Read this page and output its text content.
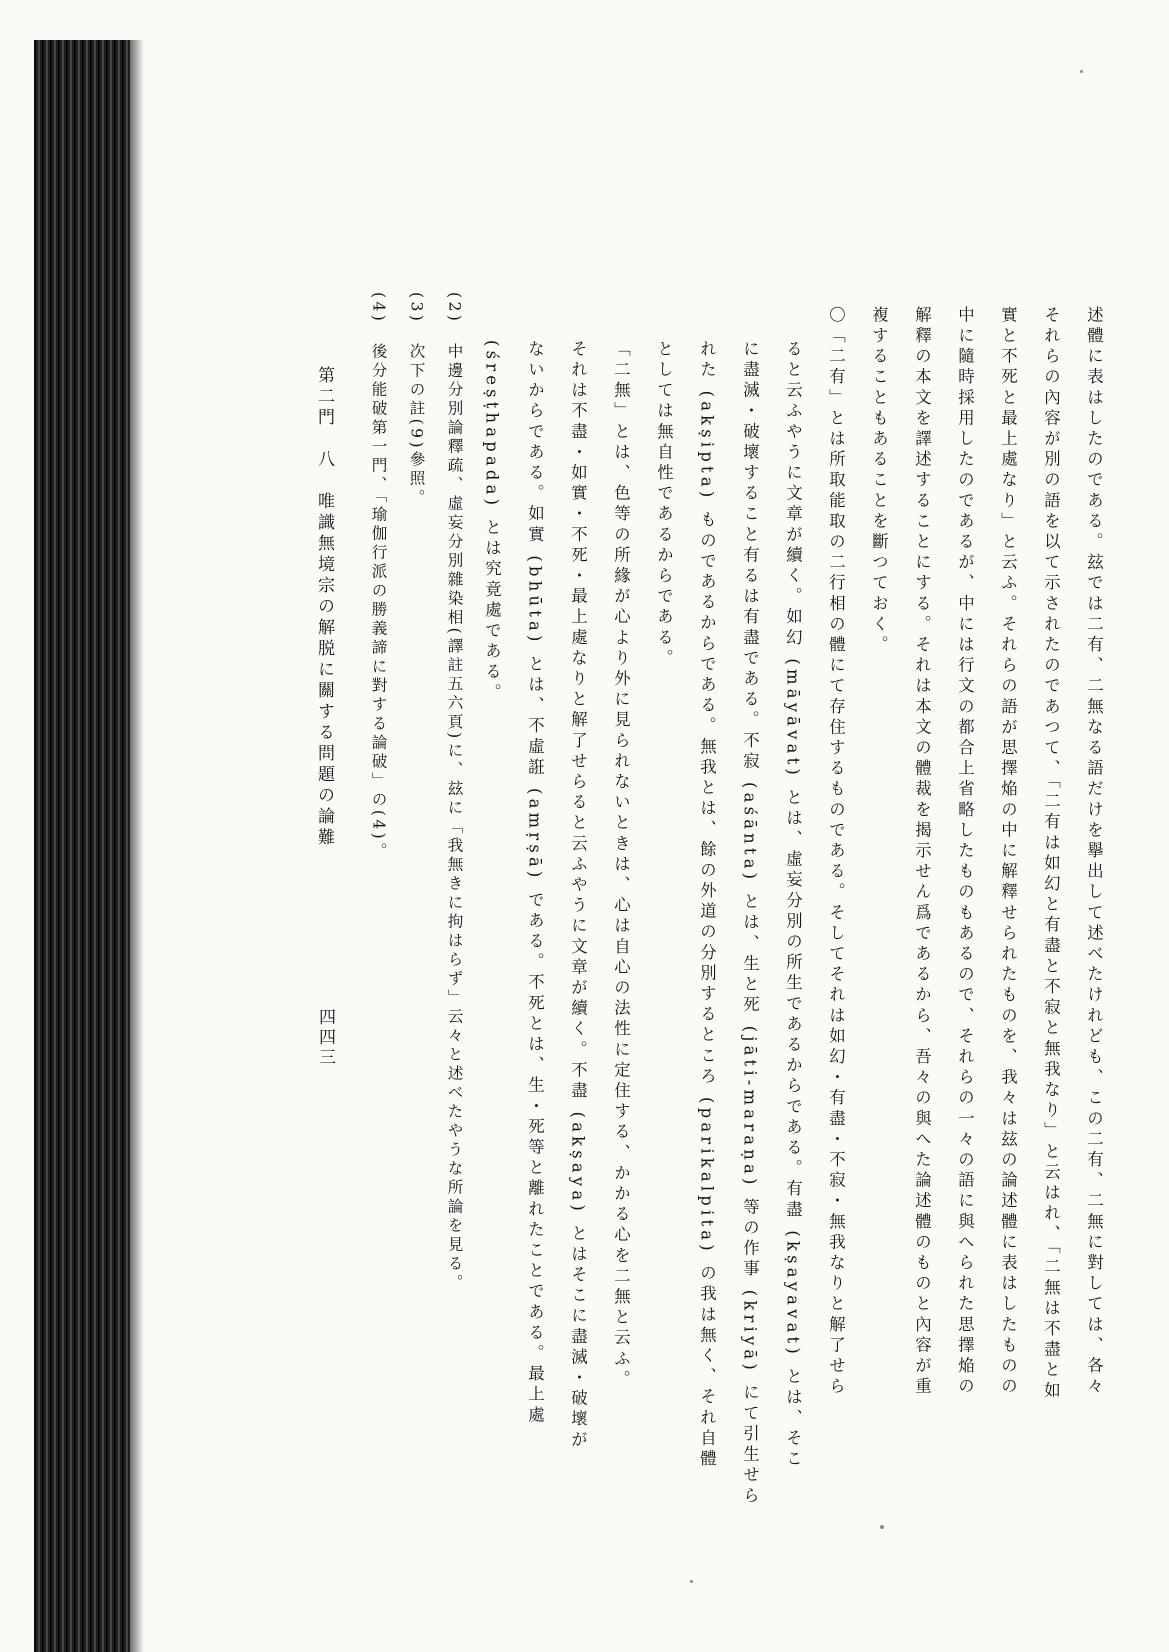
述體に表はしたのである。玆では二有、二無なる語だけを擧出して述べたけれども、この二有、二無に對しては、各々
それらの內容が別の語を以て示されたのであつて、「二有は如幻と有盡と不寂と無我なり」と云はれ、「二無は不盡と如
實と不死と最上處なり」と云ふ。それらの語が思擇焔の中に解釋せられたものを、我々は玆の論述體に表はしたものの
中に隨時採用したのであるが、中には行文の都合上省略したものもあるので、それらの一々の語に與へられた思擇焔の
解釋の本文を譯述することにする。それは本文の體裁を揭示せん爲であるから、吾々の與へた論述體のものと內容が重
複することもあることを斷つておく。
〇「二有」とは所取能取の二行相の體にて存住するものである。そしてそれは如幻・有盡・不寂・無我なりと解了せら
ると云ふやうに文章が續く。如幻 (māyāvat) とは、虛妄分別の所生であるからである。有盡 (kṣayavat) とは、そこ
に盡滅・破壞すること有るは有盡である。不寂 (aśānta) とは、生と死 (jāti-maraṇa) 等の作事 (kriyā) にて引生せら
れた (akṣipta) ものであるからである。無我とは、餘の外道の分別するところ (parikalpita) の我は無く、それ自體
としては無自性であるからである。
「二無」とは、色等の所緣が心より外に見られないときは、心は自心の法性に定住する、かかる心を二無と云ふ。
それは不盡・如實・不死・最上處なりと解了せらると云ふやうに文章が續く。不盡 (akṣaya) とはそこに盡滅・破壞が
ないからである。如實 (bhūta) とは、不虛誑 (amṛṣā) である。不死とは、生・死等と離れたことである。最上處
(śreṣṭhapada) とは究竟處である。
(2) 中邊分別論釋疏、虛妄分別雜染相(譯註五六頁)に、玆に「我無きに拘はらず」云々と述べたやうな所論を見る。
(3) 次下の註(9)參照。
(4) 後分能破第一門、「瑜伽行派の勝義諦に對する論破」の(4)。
第二門　八　唯識無境宗の解脱に關する問題の論難
四四三
